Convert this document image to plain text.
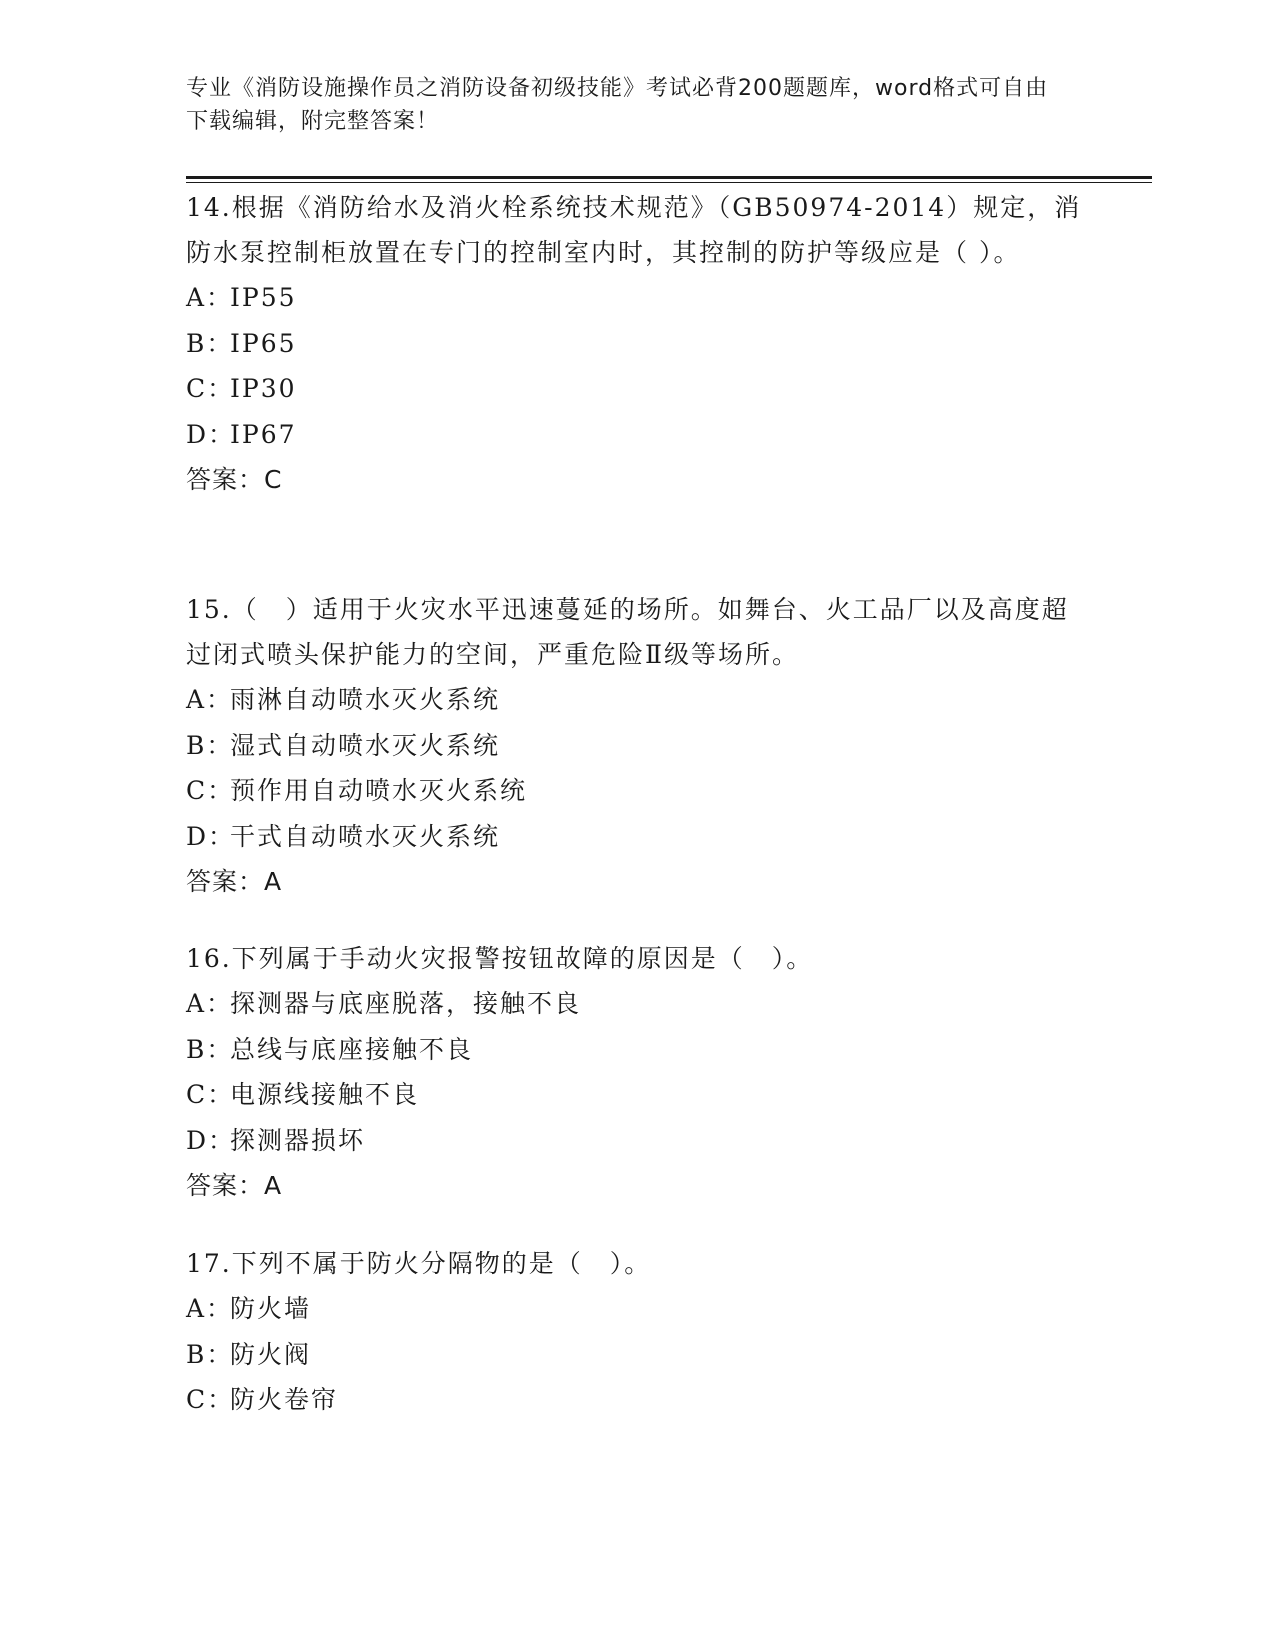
专业《消防设施操作员之消防设备初级技能》考试必背200题题库，word格式可自由下载编辑，附完整答案！

14.根据《消防给水及消火栓系统技术规范》（GB50974-2014）规定，消防水泵控制柜放置在专门的控制室内时，其控制的防护等级应是（ ）。

A：IP55
B：IP65
C：IP30
D：IP67
答案：C

15.（　）适用于火灾水平迅速蔓延的场所。如舞台、火工品厂以及高度超过闭式喷头保护能力的空间，严重危险Ⅱ级等场所。

A：雨淋自动喷水灭火系统
B：湿式自动喷水灭火系统
C：预作用自动喷水灭火系统
D：干式自动喷水灭火系统
答案：A

16.下列属于手动火灾报警按钮故障的原因是（　）。

A：探测器与底座脱落，接触不良
B：总线与底座接触不良
C：电源线接触不良
D：探测器损坏
答案：A

17.下列不属于防火分隔物的是（　）。

A：防火墙
B：防火阀
C：防火卷帘
